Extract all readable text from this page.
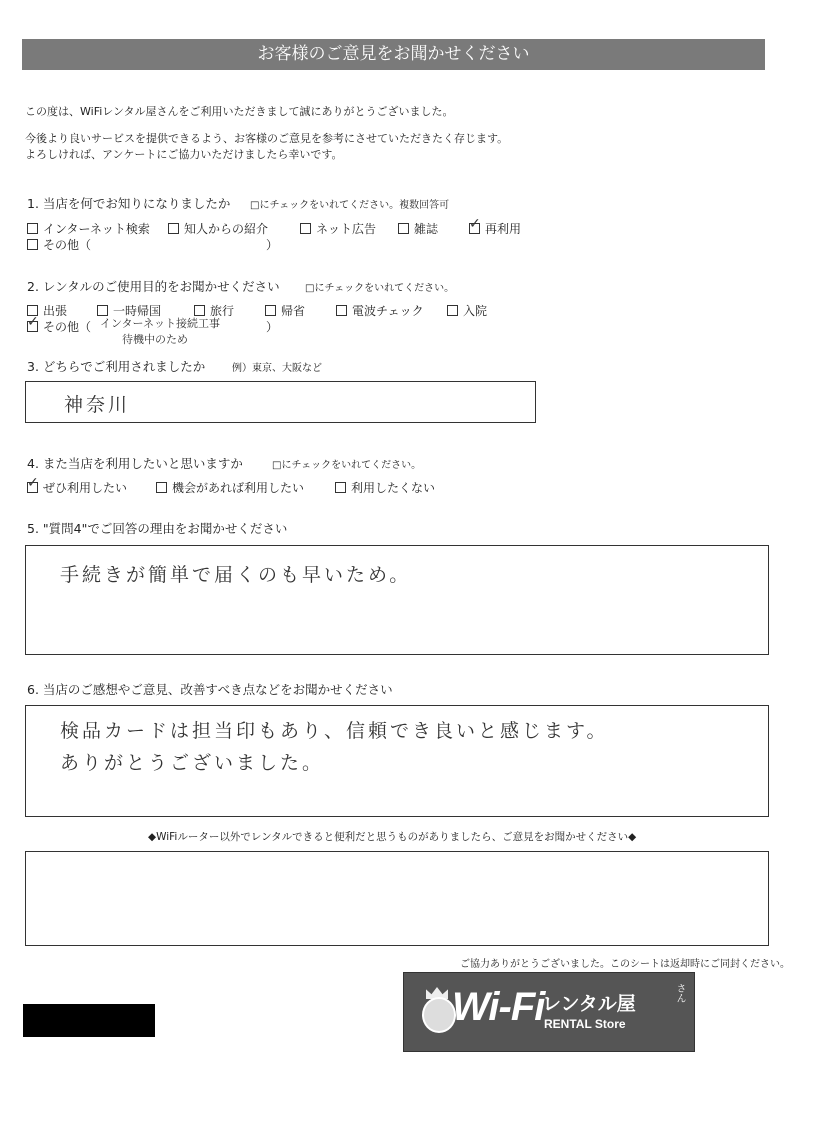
お客様のご意見をお聞かせください
この度は、WiFiレンタル屋さんをご利用いただきまして誠にありがとうございました。
今後より良いサービスを提供できるよう、お客様のご意見を参考にさせていただきたく存じます。
よろしければ、アンケートにご協力いただけましたら幸いです。
1. 当店を何でお知りになりましたか □にチェックをいれてください。複数回答可
インターネット検索	知人からの紹介	ネット広告	雑誌 ✓ 再利用
その他（	）
2. レンタルのご使用目的をお聞かせください	□にチェックをいれてください。
出張	一時帰国	旅行	帰省	電波チェック	入院
✓ その他（ インターネット接続工事
待機中のため
）
3. どちらでご利用されましたか	例）東京、大阪など
神奈川
4. また当店を利用したいと思いますか	□にチェックをいれてください。
✓ ぜひ利用したい	機会があれば利用したい	利用したくない
5. "質問4"でご回答の理由をお聞かせください
手続きが簡単で届くのも早いため。
6. 当店のご感想やご意見、改善すべき点などをお聞かせください
検品カードは担当印もあり、信頼でき良いと感じます。
ありがとうございました。
◆WiFiルーター以外でレンタルできると便利だと思うものがありましたら、ご意見をお聞かせください◆
ご協力ありがとうございました。このシートは返却時にご同封ください。
Wi-Fi
レンタル屋	さん
RENTAL Store
